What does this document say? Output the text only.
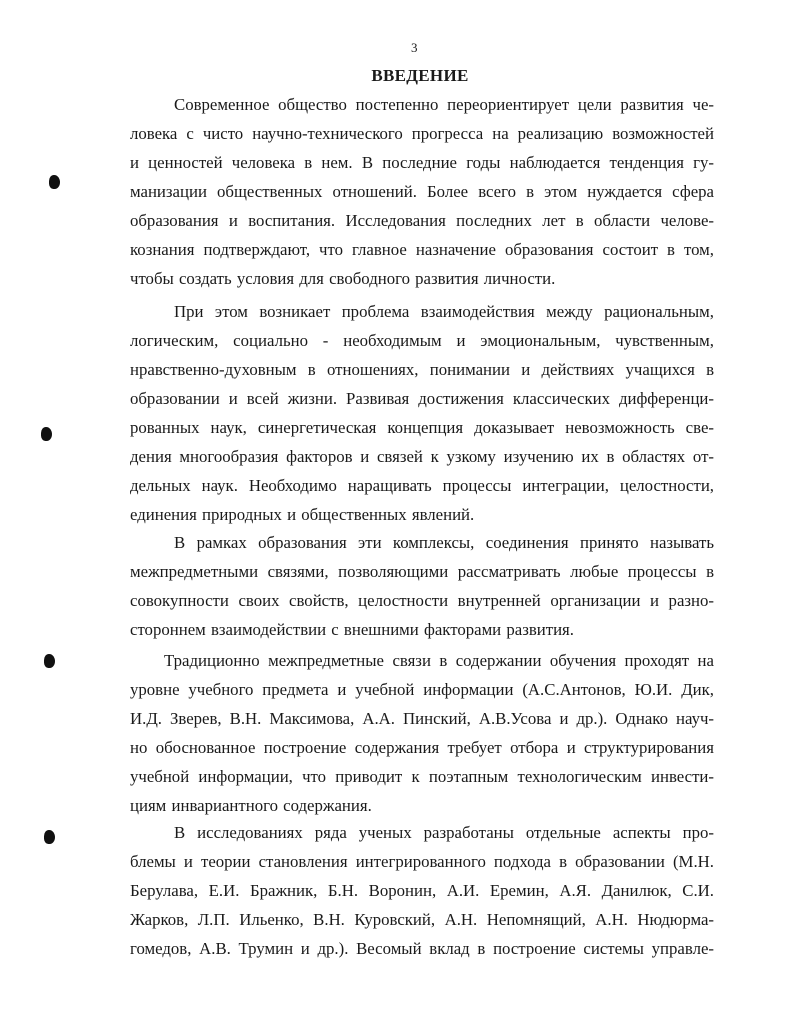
3
ВВЕДЕНИЕ
Современное общество постепенно переориентирует цели развития че-
ловека с чисто научно-технического прогресса на реализацию возможностей
и ценностей человека в нем. В последние годы наблюдается тенденция гу-
манизации общественных отношений. Более всего в этом нуждается сфера
образования и воспитания. Исследования последних лет в области челове-
кознания подтверждают, что главное назначение образования состоит в том,
чтобы создать условия для свободного развития личности.
При этом возникает проблема взаимодействия между рациональным,
логическим, социально - необходимым и эмоциональным, чувственным,
нравственно-духовным в отношениях, понимании и действиях учащихся в
образовании и всей жизни. Развивая достижения классических дифференци-
рованных наук, синергетическая концепция доказывает невозможность све-
дения многообразия факторов и связей к узкому изучению их в областях от-
дельных наук. Необходимо наращивать процессы интеграции, целостности,
единения природных и общественных явлений.
В рамках образования эти комплексы, соединения принято называть
межпредметными связями, позволяющими рассматривать любые процессы в
совокупности своих свойств, целостности внутренней организации и разно-
стороннем взаимодействии с внешними факторами развития.
Традиционно межпредметные связи в содержании обучения проходят на
уровне учебного предмета и учебной информации (А.С.Антонов, Ю.И. Дик,
И.Д. Зверев, В.Н. Максимова, А.А. Пинский, А.В.Усова и др.). Однако науч-
но обоснованное построение содержания требует отбора и структурирования
учебной информации, что приводит к поэтапным технологическим инвести-
циям инвариантного содержания.
В исследованиях ряда ученых разработаны отдельные аспекты про-
блемы и теории становления интегрированного подхода в образовании (М.Н.
Берулава, Е.И. Бражник, Б.Н. Воронин, А.И. Еремин, А.Я. Данилюк, С.И.
Жарков, Л.П. Ильенко, В.Н. Куровский, А.Н. Непомнящий, А.Н. Нюдюрма-
гомедов, А.В. Трумин и др.). Весомый вклад в построение системы управле-
